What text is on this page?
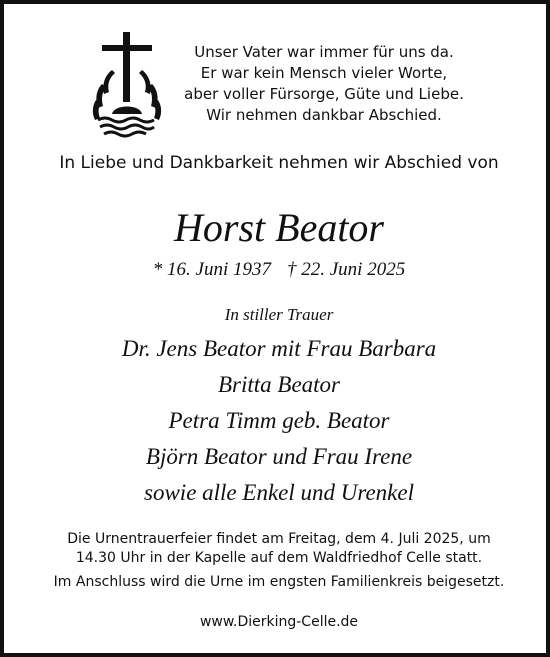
Unser Vater war immer für uns da.
Er war kein Mensch vieler Worte,
aber voller Fürsorge, Güte und Liebe.
Wir nehmen dankbar Abschied.
In Liebe und Dankbarkeit nehmen wir Abschied von
Horst Beator
* 16. Juni 1937 † 22. Juni 2025
In stiller Trauer
Dr. Jens Beator mit Frau Barbara
Britta Beator
Petra Timm geb. Beator
Björn Beator und Frau Irene
sowie alle Enkel und Urenkel
Die Urnentrauerfeier findet am Freitag, dem 4. Juli 2025, um
14.30 Uhr in der Kapelle auf dem Waldfriedhof Celle statt.
Im Anschluss wird die Urne im engsten Familienkreis beigesetzt.
www.Dierking-Celle.de
